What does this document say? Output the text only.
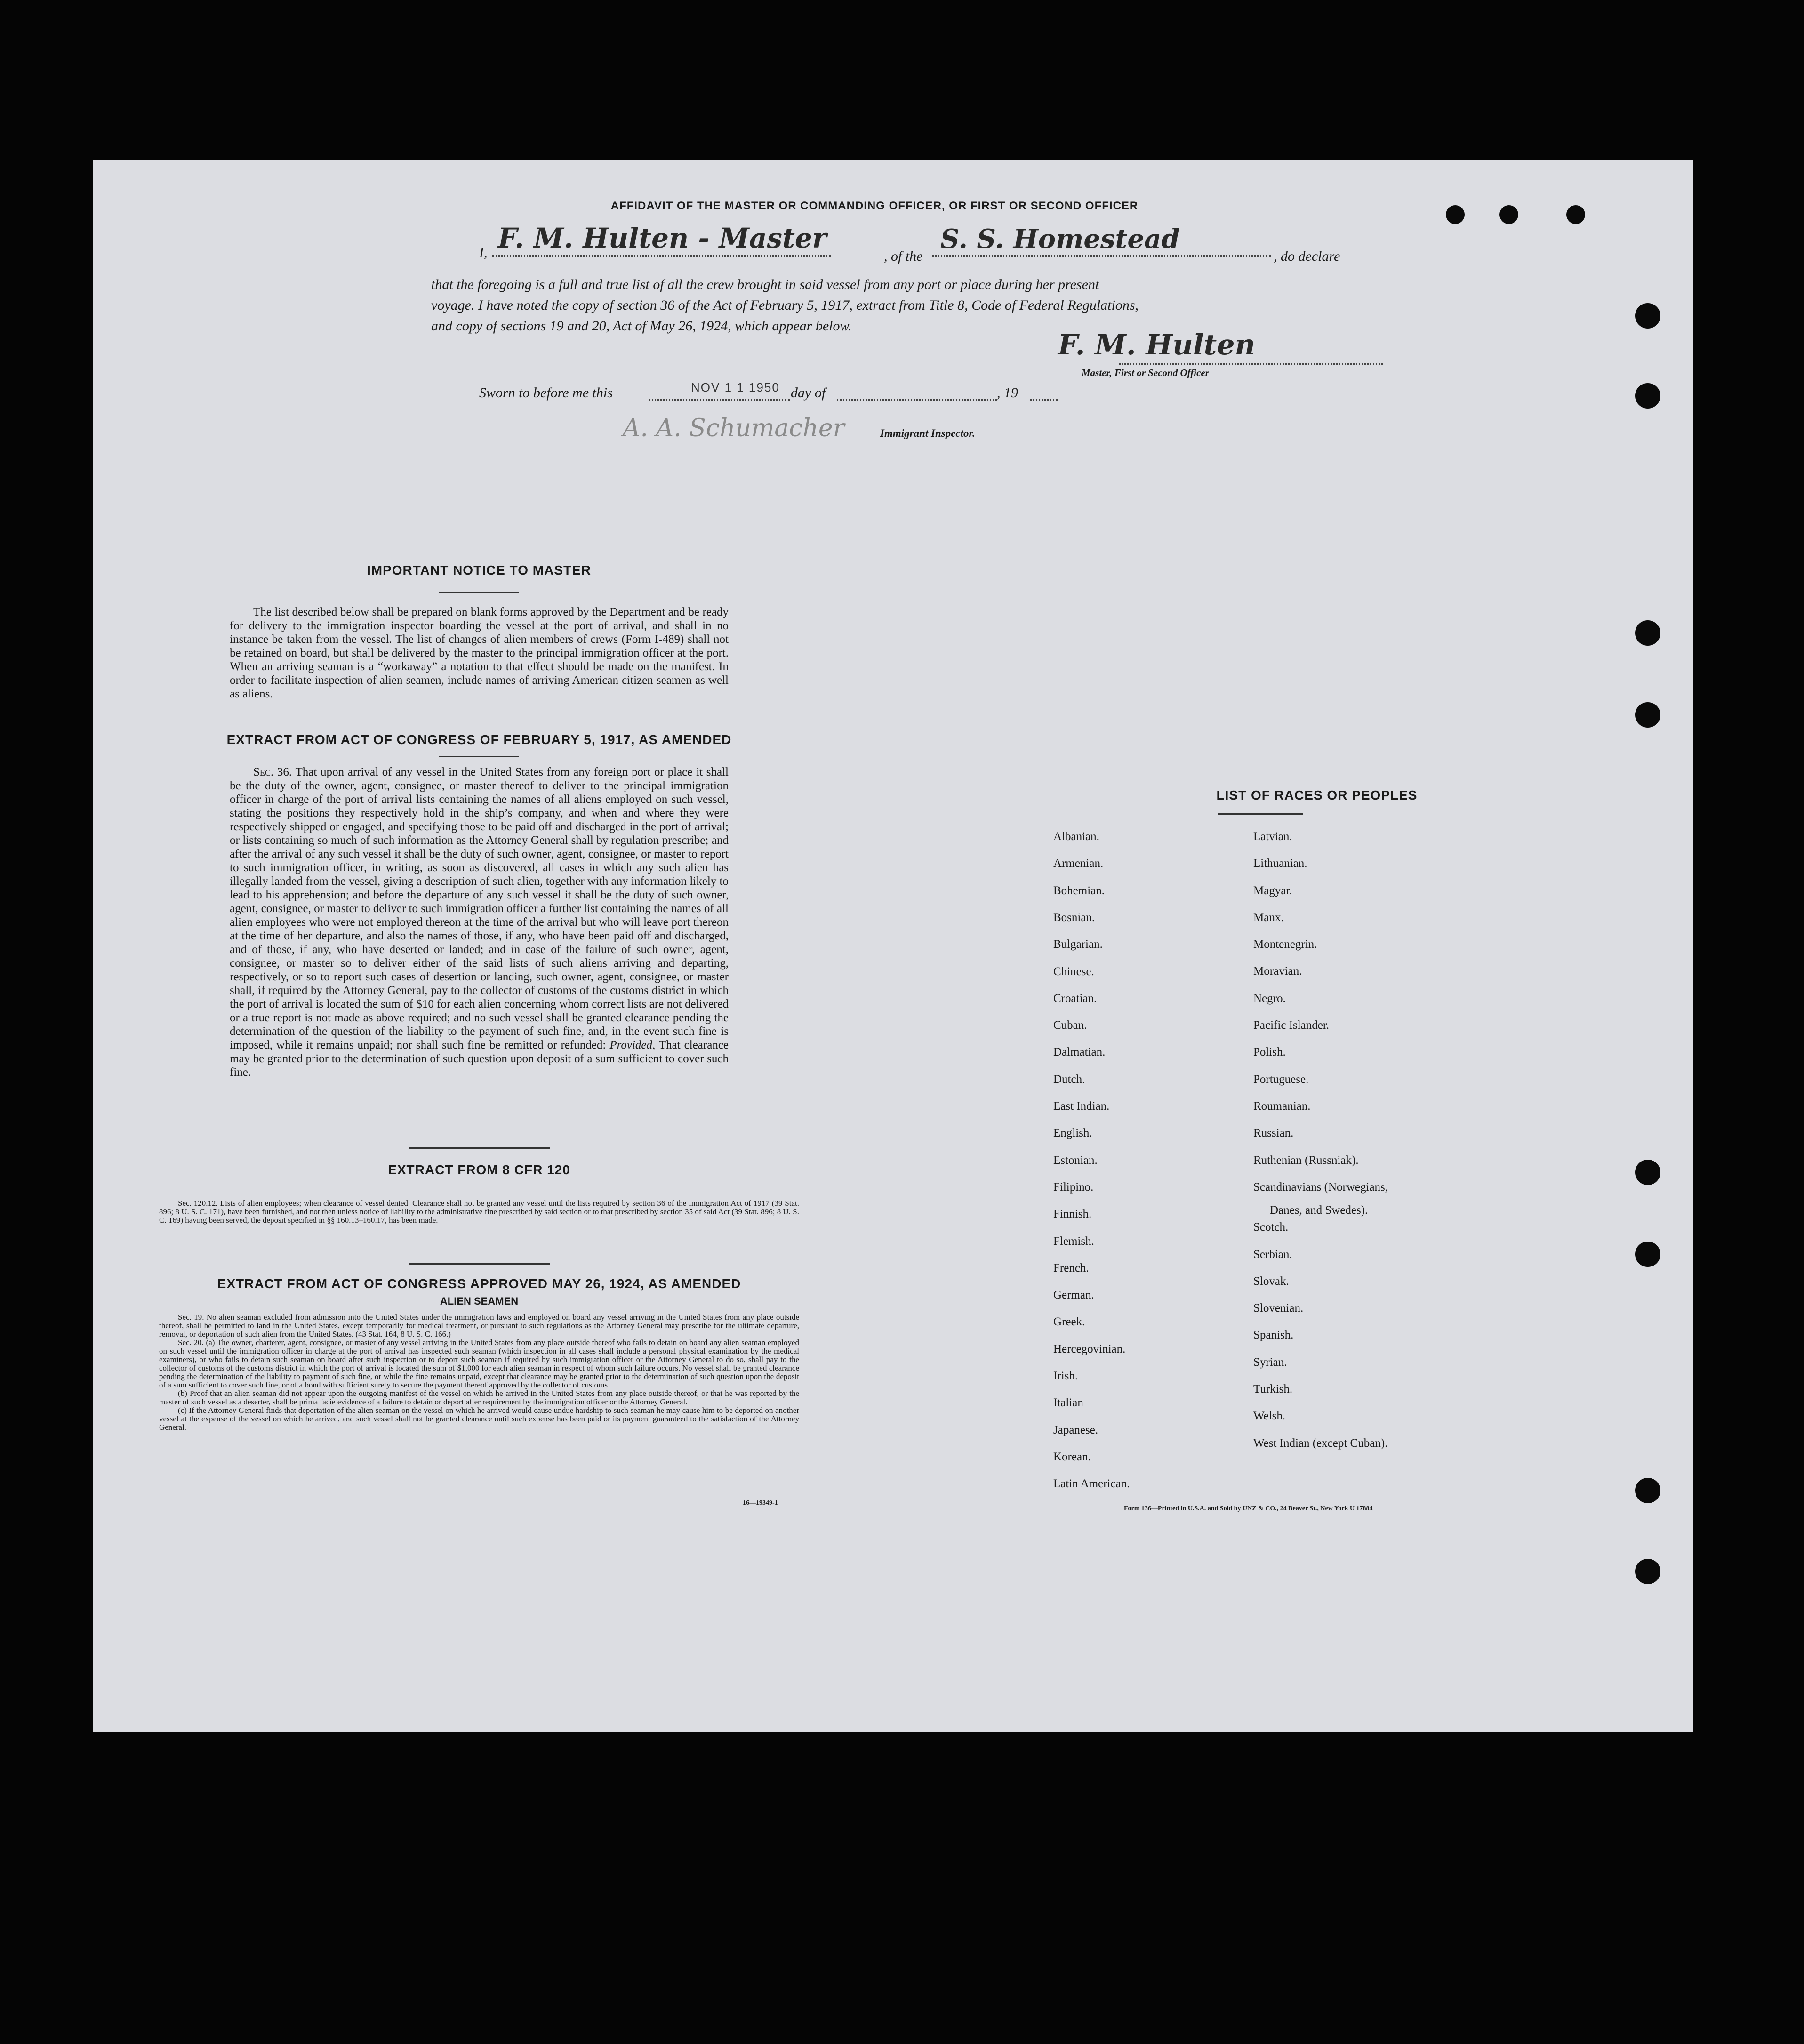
AFFIDAVIT OF THE MASTER OR COMMANDING OFFICER, OR FIRST OR SECOND OFFICER
I, F. M. Hulten - Master
, of the
S. S. Homestead
, do declare
that the foregoing is a full and true list of all the crew brought in said vessel from any port or place during her present
voyage. I have noted the copy of section 36 of the Act of February 5, 1917, extract from Title 8, Code of Federal Regulations,
and copy of sections 19 and 20, Act of May 26, 1924, which appear below.
F. M. Hulten
Master, First or Second Officer
Sworn to before me this	NOV 1 1 1950 day of	, 19
A. A. Schumacher	Immigrant Inspector.
IMPORTANT NOTICE TO MASTER
The list described below shall be prepared on blank forms approved by the Department and be ready for delivery to the immigration inspector boarding the vessel at the port of arrival, and shall in no instance be taken from the vessel. The list of changes of alien members of crews (Form I-489) shall not be retained on board, but shall be delivered by the master to the principal immigration officer at the port. When an arriving seaman is a “workaway” a notation to that effect should be made on the manifest. In order to facilitate inspection of alien seamen, include names of arriving American citizen seamen as well as aliens.
EXTRACT FROM ACT OF CONGRESS OF FEBRUARY 5, 1917, AS AMENDED
Sec. 36. That upon arrival of any vessel in the United States from any foreign port or place it shall be the duty of the owner, agent, consignee, or master thereof to deliver to the principal immigration officer in charge of the port of arrival lists containing the names of all aliens employed on such vessel, stating the positions they respectively hold in the ship’s company, and when and where they were respectively shipped or engaged, and specifying those to be paid off and discharged in the port of arrival; or lists containing so much of such information as the Attorney General shall by regulation prescribe; and after the arrival of any such vessel it shall be the duty of such owner, agent, consignee, or master to report to such immigration officer, in writing, as soon as discovered, all cases in which any such alien has illegally landed from the vessel, giving a description of such alien, together with any information likely to lead to his apprehension; and before the departure of any such vessel it shall be the duty of such owner, agent, consignee, or master to deliver to such immigration officer a further list containing the names of all alien employees who were not employed thereon at the time of the arrival but who will leave port thereon at the time of her departure, and also the names of those, if any, who have been paid off and discharged, and of those, if any, who have deserted or landed; and in case of the failure of such owner, agent, consignee, or master so to deliver either of the said lists of such aliens arriving and departing, respectively, or so to report such cases of desertion or landing, such owner, agent, consignee, or master shall, if required by the Attorney General, pay to the collector of customs of the customs district in which the port of arrival is located the sum of $10 for each alien concerning whom correct lists are not delivered or a true report is not made as above required; and no such vessel shall be granted clearance pending the determination of the question of the liability to the payment of such fine, and, in the event such fine is imposed, while it remains unpaid; nor shall such fine be remitted or refunded: Provided, That clearance may be granted prior to the determination of such question upon deposit of a sum sufficient to cover such fine.
EXTRACT FROM 8 CFR 120
Sec. 120.12. Lists of alien employees; when clearance of vessel denied. Clearance shall not be granted any vessel until the lists required by section 36 of the Immigration Act of 1917 (39 Stat. 896; 8 U. S. C. 171), have been furnished, and not then unless notice of liability to the administrative fine prescribed by said section or to that prescribed by section 35 of said Act (39 Stat. 896; 8 U. S. C. 169) having been served, the deposit specified in §§ 160.13–160.17, has been made.
EXTRACT FROM ACT OF CONGRESS APPROVED MAY 26, 1924, AS AMENDED
ALIEN SEAMEN
Sec. 19. No alien seaman excluded from admission into the United States under the immigration laws and employed on board any vessel arriving in the United States from any place outside thereof, shall be permitted to land in the United States, except temporarily for medical treatment, or pursuant to such regulations as the Attorney General may prescribe for the ultimate departure, removal, or deportation of such alien from the United States. (43 Stat. 164, 8 U. S. C. 166.)
Sec. 20. (a) The owner, charterer, agent, consignee, or master of any vessel arriving in the United States from any place outside thereof who fails to detain on board any alien seaman employed on such vessel until the immigration officer in charge at the port of arrival has inspected such seaman (which inspection in all cases shall include a personal physical examination by the medical examiners), or who fails to detain such seaman on board after such inspection or to deport such seaman if required by such immigration officer or the Attorney General to do so, shall pay to the collector of customs of the customs district in which the port of arrival is located the sum of $1,000 for each alien seaman in respect of whom such failure occurs. No vessel shall be granted clearance pending the determination of the liability to payment of such fine, or while the fine remains unpaid, except that clearance may be granted prior to the determination of such question upon the deposit of a sum sufficient to cover such fine, or of a bond with sufficient surety to secure the payment thereof approved by the collector of customs.
(b) Proof that an alien seaman did not appear upon the outgoing manifest of the vessel on which he arrived in the United States from any place outside thereof, or that he was reported by the master of such vessel as a deserter, shall be prima facie evidence of a failure to detain or deport after requirement by the immigration officer or the Attorney General.
(c) If the Attorney General finds that deportation of the alien seaman on the vessel on which he arrived would cause undue hardship to such seaman he may cause him to be deported on another vessel at the expense of the vessel on which he arrived, and such vessel shall not be granted clearance until such expense has been paid or its payment guaranteed to the satisfaction of the Attorney General.
16—19349-1
LIST OF RACES OR PEOPLES
Albanian.
Armenian.
Bohemian.
Bosnian.
Bulgarian.
Chinese.
Croatian.
Cuban.
Dalmatian.
Dutch.
East Indian.
English.
Estonian.
Filipino.
Finnish.
Flemish.
French.
German.
Greek.
Hercegovinian.
Irish.
Italian
Japanese.
Korean.
Latin American.
Latvian.
Lithuanian.
Magyar.
Manx.
Montenegrin.
Moravian.
Negro.
Pacific Islander.
Polish.
Portuguese.
Roumanian.
Russian.
Ruthenian (Russniak).
Scandinavians (Norwegians,
Scotch.
Serbian.
Slovak.
Slovenian.
Spanish.
Syrian.
Turkish.
Welsh.
West Indian (except Cuban).
Danes, and Swedes).
Form 136—Printed in U.S.A. and Sold by UNZ & CO., 24 Beaver St., New York U 17884
